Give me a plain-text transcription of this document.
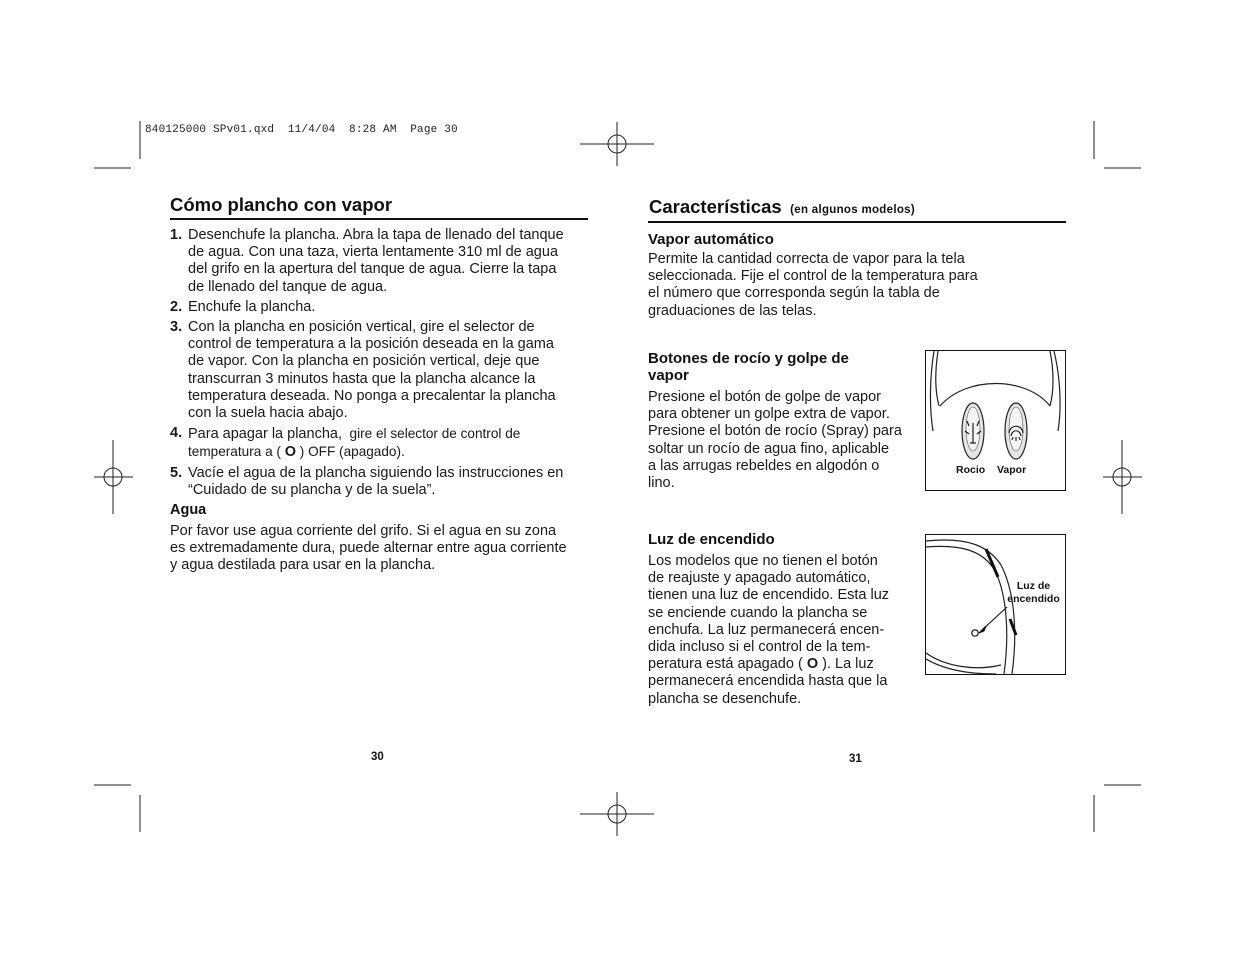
840125000 SPv01.qxd  11/4/04  8:28 AM  Page 30
Cómo plancho con vapor
1. Desenchufe la plancha. Abra la tapa de llenado del tanque
de agua. Con una taza, vierta lentamente 310 ml de agua
del grifo en la apertura del tanque de agua. Cierre la tapa
de llenado del tanque de agua.
2. Enchufe la plancha.
3. Con la plancha en posición vertical, gire el selector de
control de temperatura a la posición deseada en la gama
de vapor. Con la plancha en posición vertical, deje que
transcurran 3 minutos hasta que la plancha alcance la
temperatura deseada. No ponga a precalentar la plancha
con la suela hacia abajo.
4. Para apagar la plancha,  gire el selector de control de
temperatura a ( O ) OFF (apagado).
5. Vacíe el agua de la plancha siguiendo las instrucciones en
“Cuidado de su plancha y de la suela”.
Agua
Por favor use agua corriente del grifo. Si el agua en su zona
es extremadamente dura, puede alternar entre agua corriente
y agua destilada para usar en la plancha.
30
Características (en algunos modelos)
Vapor automático
Permite la cantidad correcta de vapor para la tela
seleccionada. Fije el control de la temperatura para
el número que corresponda según la tabla de
graduaciones de las telas.
Botones de rocío y golpe de
vapor
Presione el botón de golpe de vapor
para obtener un golpe extra de vapor.
Presione el botón de rocío (Spray) para
soltar un rocío de agua fino, aplicable
a las arrugas rebeldes en algodón o
lino.
Rocio Vapor
Luz de encendido
Los modelos que no tienen el botón
de reajuste y apagado automático,
tienen una luz de encendido. Esta luz
se enciende cuando la plancha se
enchufa. La luz permanecerá encen-
dida incluso si el control de la tem-
peratura está apagado ( O ). La luz
permanecerá encendida hasta que la
plancha se desenchufe.
Luz de
encendido
31
